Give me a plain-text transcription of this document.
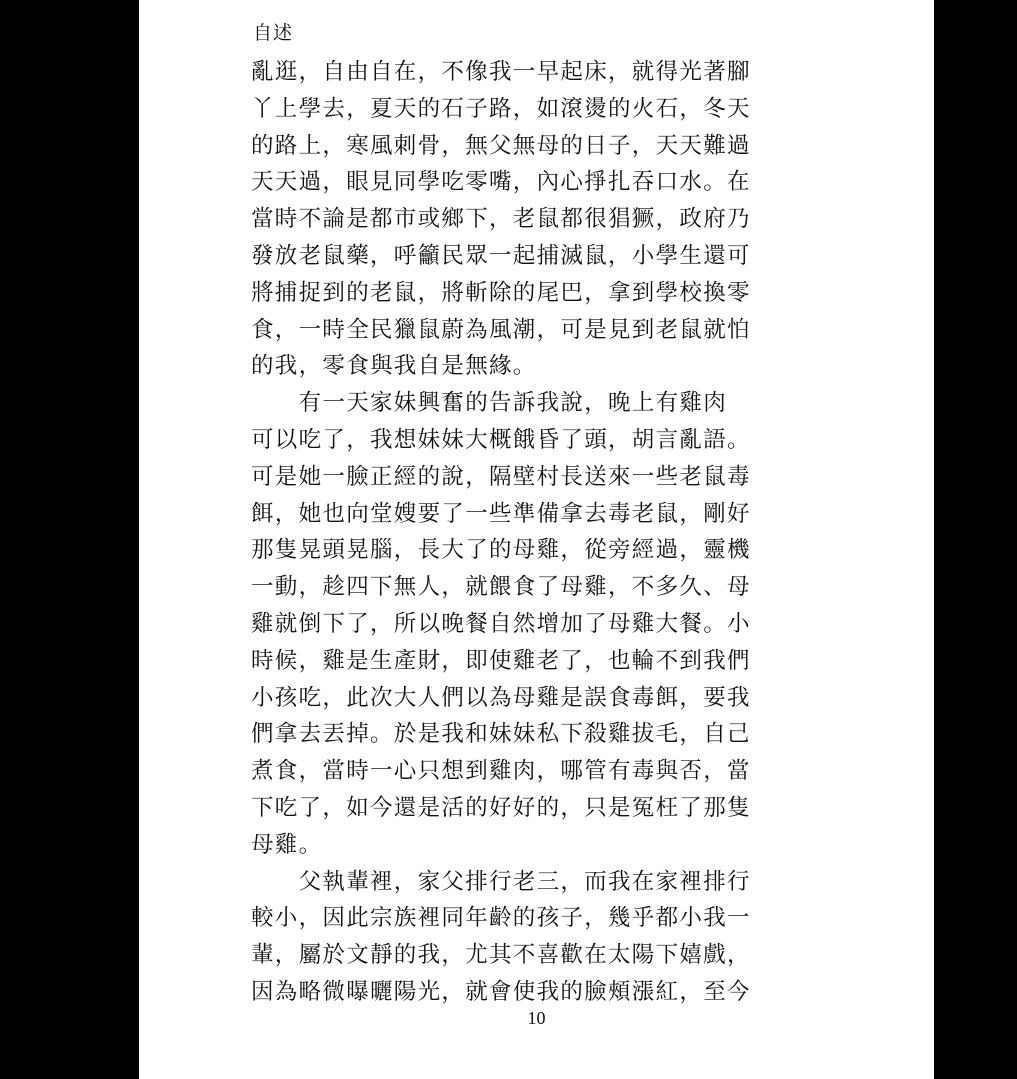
自述
亂逛，自由自在，不像我一早起床，就得光著腳
丫上學去，夏天的石子路，如滾燙的火石，冬天
的路上，寒風刺骨，無父無母的日子，天天難過
天天過，眼見同學吃零嘴，內心掙扎吞口水。在
當時不論是都市或鄉下，老鼠都很猖獗，政府乃
發放老鼠藥，呼籲民眾一起捕滅鼠，小學生還可
將捕捉到的老鼠，將斬除的尾巴，拿到學校換零
食，一時全民獵鼠蔚為風潮，可是見到老鼠就怕
的我，零食與我自是無緣。
　　有一天家妹興奮的告訴我說，晚上有雞肉
可以吃了，我想妹妹大概餓昏了頭，胡言亂語。
可是她一臉正經的說，隔壁村長送來一些老鼠毒
餌，她也向堂嫂要了一些準備拿去毒老鼠，剛好
那隻晃頭晃腦，長大了的母雞，從旁經過，靈機
一動，趁四下無人，就餵食了母雞，不多久、母
雞就倒下了，所以晚餐自然增加了母雞大餐。小
時候，雞是生產財，即使雞老了，也輪不到我們
小孩吃，此次大人們以為母雞是誤食毒餌，要我
們拿去丟掉。於是我和妹妹私下殺雞拔毛，自己
煮食，當時一心只想到雞肉，哪管有毒與否，當
下吃了，如今還是活的好好的，只是冤枉了那隻
母雞。
　　父執輩裡，家父排行老三，而我在家裡排行
較小，因此宗族裡同年齡的孩子，幾乎都小我一
輩，屬於文靜的我，尤其不喜歡在太陽下嬉戲，
因為略微曝曬陽光，就會使我的臉頰漲紅，至今
10
